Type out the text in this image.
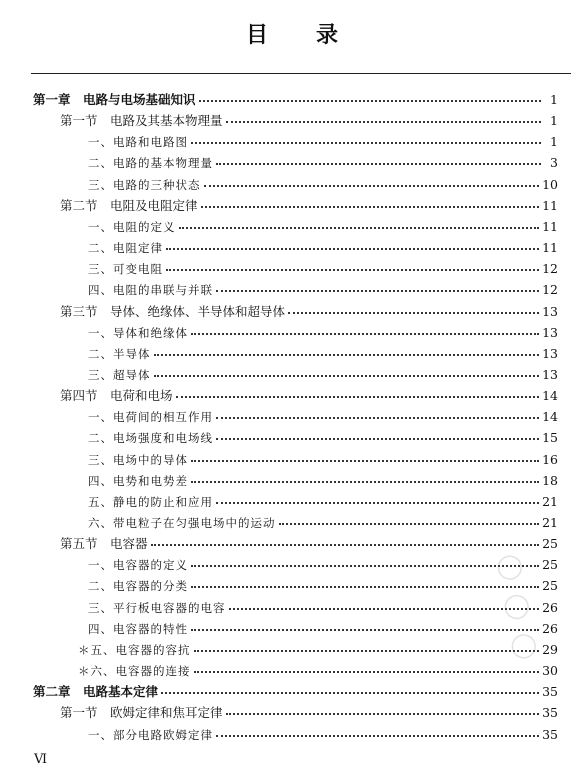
目 录
第一章　电路与电场基础知识	1
第一节　电路及其基本物理量	1
一、电路和电路图	1
二、电路的基本物理量	3
三、电路的三种状态	10
第二节　电阻及电阻定律	11
一、电阻的定义	11
二、电阻定律	11
三、可变电阻	12
四、电阻的串联与并联	12
第三节　导体、绝缘体、半导体和超导体	13
一、导体和绝缘体	13
二、半导体	13
三、超导体	13
第四节　电荷和电场	14
一、电荷间的相互作用	14
二、电场强度和电场线	15
三、电场中的导体	16
四、电势和电势差	18
五、静电的防止和应用	21
六、带电粒子在匀强电场中的运动	21
第五节　电容器	25
一、电容器的定义	25
二、电容器的分类	25
三、平行板电容器的电容	26
四、电容器的特性	26
＊五、电容器的容抗	29
＊六、电容器的连接	30
第二章　电路基本定律	35
第一节　欧姆定律和焦耳定律	35
一、部分电路欧姆定律	35
◯
◯
◯
Ⅵ
